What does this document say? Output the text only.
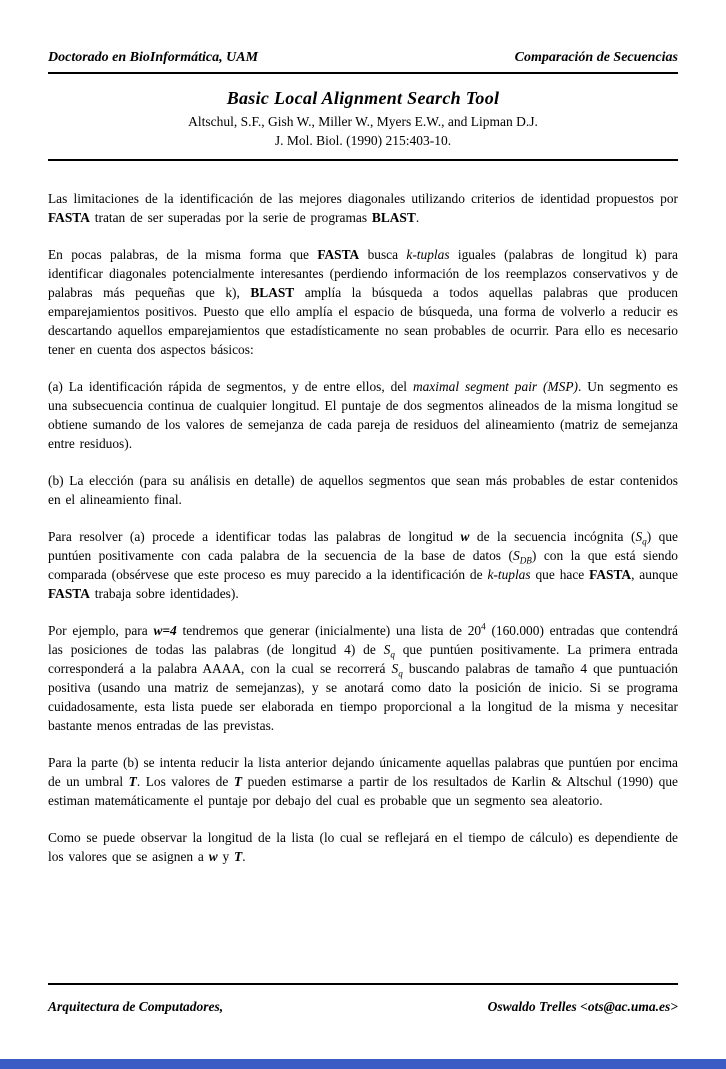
Doctorado en BioInformática, UAM	Comparación de Secuencias
Basic Local Alignment Search Tool
Altschul, S.F., Gish W., Miller W., Myers E.W., and Lipman D.J.
J. Mol. Biol. (1990) 215:403-10.

Las limitaciones de la identificación de las mejores diagonales utilizando criterios de identidad propuestos por FASTA tratan de ser superadas por la serie de programas BLAST.

En pocas palabras, de la misma forma que FASTA busca k-tuplas iguales (palabras de longitud k) para identificar diagonales potencialmente interesantes (perdiendo información de los reemplazos conservativos y de palabras más pequeñas que k), BLAST amplía la búsqueda a todos aquellas palabras que producen emparejamientos positivos. Puesto que ello amplía el espacio de búsqueda, una forma de volverlo a reducir es descartando aquellos emparejamientos que estadísticamente no sean probables de ocurrir. Para ello es necesario tener en cuenta dos aspectos básicos:

(a) La identificación rápida de segmentos, y de entre ellos, del maximal segment pair (MSP). Un segmento es una subsecuencia continua de cualquier longitud. El puntaje de dos segmentos alineados de la misma longitud se obtiene sumando de los valores de semejanza de cada pareja de residuos del alineamiento (matriz de semejanza entre residuos).

(b) La elección (para su análisis en detalle) de aquellos segmentos que sean más probables de estar contenidos en el alineamiento final.

Para resolver (a) procede a identificar todas las palabras de longitud w de la secuencia incógnita $(S_q)$ que puntúen positivamente con cada palabra de la secuencia de la base de datos $(S_{DB})$ con la que está siendo comparada (obsérvese que este proceso es muy parecido a la identificación de k-tuplas que hace FASTA, aunque FASTA trabaja sobre identidades).

Por ejemplo, para w=4 tendremos que generar (inicialmente) una lista de $20^4$ (160.000) entradas que contendrá las posiciones de todas las palabras (de longitud 4) de $S_q$ que puntúen positivamente. La primera entrada corresponderá a la palabra AAAA, con la cual se recorrerá $S_q$ buscando palabras de tamaño 4 que puntuación positiva (usando una matriz de semejanzas), y se anotará como dato la posición de inicio. Si se programa cuidadosamente, esta lista puede ser elaborada en tiempo proporcional a la longitud de la misma y necesitar bastante menos entradas de las previstas.

Para la parte (b) se intenta reducir la lista anterior dejando únicamente aquellas palabras que puntúen por encima de un umbral T. Los valores de T pueden estimarse a partir de los resultados de Karlin & Altschul (1990) que estiman matemáticamente el puntaje por debajo del cual es probable que un segmento sea aleatorio.

Como se puede observar la longitud de la lista (lo cual se reflejará en el tiempo de cálculo) es dependiente de los valores que se asignen a w y T.

Arquitectura de Computadores,	Oswaldo Trelles <ots@ac.uma.es>
